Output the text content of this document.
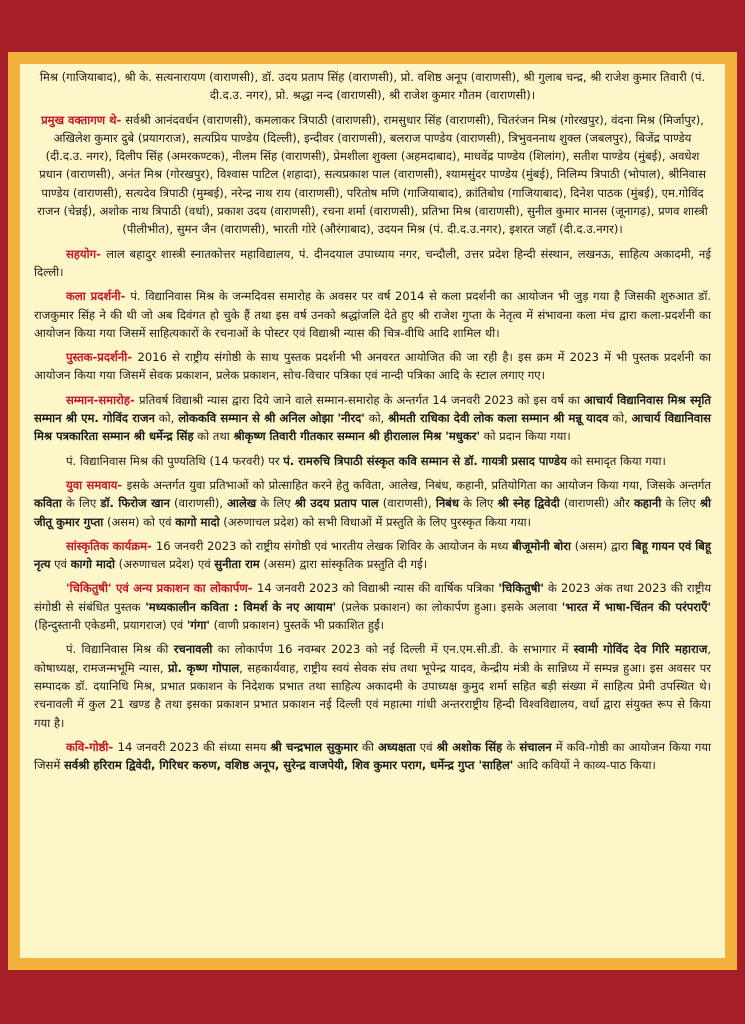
मिश्र (गाजियाबाद), श्री के. सत्यनारायण (वाराणसी), डॉ. उदय प्रताप सिंह (वाराणसी), प्रो. वशिष्ठ अनूप (वाराणसी), श्री गुलाब चन्द्र, श्री राजेश कुमार तिवारी (पं. दी.द.उ. नगर), प्रो. श्रद्धा नन्द (वाराणसी), श्री राजेश कुमार गौतम (वाराणसी)।

प्रमुख वक्तागण थे- सर्वश्री आनंदवर्धन (वाराणसी), कमलाकर त्रिपाठी (वाराणसी), रामसुधार सिंह (वाराणसी), चितरंजन मिश्र (गोरखपुर), वंदना मिश्र (मिर्जापुर), अखिलेश कुमार दुबे (प्रयागराज), सत्यप्रिय पाण्डेय (दिल्ली), इन्दीवर (वाराणसी), बलराज पाण्डेय (वाराणसी), त्रिभुवननाथ शुक्ल (जबलपुर), बिजेंद्र पाण्डेय (दी.द.उ. नगर), दिलीप सिंह (अमरकण्टक), नीलम सिंह (वाराणसी), प्रेमशीला शुक्ला (अहमदाबाद), माधवेंद्र पाण्डेय (शिलांग), सतीश पाण्डेय (मुंबई), अवधेश प्रधान (वाराणसी), अनंत मिश्र (गोरखपुर), विश्वास पाटिल (शहादा), सत्यप्रकाश पाल (वाराणसी), श्यामसुंदर पाण्डेय (मुंबई), निलिम्प त्रिपाठी (भोपाल), श्रीनिवास पाण्डेय (वाराणसी), सत्यदेव त्रिपाठी (मुम्बई), नरेन्द्र नाथ राय (वाराणसी), परितोष मणि (गाजियाबाद), क्रांतिबोध (गाजियाबाद), दिनेश पाठक (मुंबई), एम.गोविंद राजन (चेन्नई), अशोक नाथ त्रिपाठी (वर्धा), प्रकाश उदय (वाराणसी), रचना शर्मा (वाराणसी), प्रतिभा मिश्र (वाराणसी), सुनील कुमार मानस (जूनागढ़), प्रणव शास्त्री (पीलीभीत), सुमन जैन (वाराणसी), भारती गोरे (औरंगाबाद), उदयन मिश्र (पं. दी.द.उ.नगर), इशरत जहाँ (दी.द.उ.नगर)।

सहयोग- लाल बहादुर शास्त्री स्नातकोत्तर महाविद्यालय, पं. दीनदयाल उपाध्याय नगर, चन्दौली, उत्तर प्रदेश हिन्दी संस्थान, लखनऊ, साहित्य अकादमी, नई दिल्ली।

कला प्रदर्शनी- पं. विद्यानिवास मिश्र के जन्मदिवस समारोह के अवसर पर वर्ष 2014 से कला प्रदर्शनी का आयोजन भी जुड़ गया है जिसकी शुरुआत डॉ. राजकुमार सिंह ने की थी जो अब दिवंगत हो चुके हैं तथा इस वर्ष उनको श्रद्धांजलि देते हुए श्री राजेश गुप्ता के नेतृत्व में संभावना कला मंच द्वारा कला-प्रदर्शनी का आयोजन किया गया जिसमें साहित्यकारों के रचनाओं के पोस्टर एवं विद्याश्री न्यास की चित्र-वीथि आदि शामिल थी।

पुस्तक-प्रदर्शनी- 2016 से राष्ट्रीय संगोष्ठी के साथ पुस्तक प्रदर्शनी भी अनवरत आयोजित की जा रही है। इस क्रम में 2023 में भी पुस्तक प्रदर्शनी का आयोजन किया गया जिसमें सेवक प्रकाशन, प्रलेक प्रकाशन, सोच-विचार पत्रिका एवं नान्दी पत्रिका आदि के स्टाल लगाए गए।

सम्मान-समारोह- प्रतिवर्ष विद्याश्री न्यास द्वारा दिये जाने वाले सम्मान-समारोह के अन्तर्गत 14 जनवरी 2023 को इस वर्ष का आचार्य विद्यानिवास मिश्र स्मृति सम्मान श्री एम. गोविंद राजन को, लोककवि सम्मान से श्री अनिल ओझा 'नीरद' को, श्रीमती राधिका देवी लोक कला सम्मान श्री मन्नू यादव को, आचार्य विद्यानिवास मिश्र पत्रकारिता सम्मान श्री धर्मेन्द्र सिंह को तथा श्रीकृष्ण तिवारी गीतकार सम्मान श्री हीरालाल मिश्र 'मधुकर' को प्रदान किया गया।

पं. विद्यानिवास मिश्र की पुण्यतिथि (14 फरवरी) पर पं. रामरुचि त्रिपाठी संस्कृत कवि सम्मान से डॉ. गायत्री प्रसाद पाण्डेय को समादृत किया गया।

युवा समवाय- इसके अन्तर्गत युवा प्रतिभाओं को प्रोत्साहित करने हेतु कविता, आलेख, निबंध, कहानी, प्रतियोगिता का आयोजन किया गया, जिसके अन्तर्गत कविता के लिए डॉ. फिरोज खान (वाराणसी), आलेख के लिए श्री उदय प्रताप पाल (वाराणसी), निबंध के लिए श्री स्नेह द्विवेदी (वाराणसी) और कहानी के लिए श्री जीतू कुमार गुप्ता (असम) को एवं कागो मादो (अरुणाचल प्रदेश) को सभी विधाओं में प्रस्तुति के लिए पुरस्कृत किया गया।

सांस्कृतिक कार्यक्रम- 16 जनवरी 2023 को राष्ट्रीय संगोष्ठी एवं भारतीय लेखक शिविर के आयोजन के मध्य बीजूमोनी बोरा (असम) द्वारा बिहू गायन एवं बिहू नृत्य एवं कागो मादो (अरुणाचल प्रदेश) एवं सुनीता राम (असम) द्वारा सांस्कृतिक प्रस्तुति दी गई।

'चिकितुषी' एवं अन्य प्रकाशन का लोकार्पण- 14 जनवरी 2023 को विद्याश्री न्यास की वार्षिक पत्रिका 'चिकितुषी' के 2023 अंक तथा 2023 की राष्ट्रीय संगोष्ठी से संबंधित पुस्तक 'मध्यकालीन कविता : विमर्श के नए आयाम' (प्रलेक प्रकाशन) का लोकार्पण हुआ। इसके अलावा 'भारत में भाषा-चिंतन की परंपराएँ' (हिन्दुस्तानी एकेडमी, प्रयागराज) एवं 'गंगा' (वाणी प्रकाशन) पुस्तकें भी प्रकाशित हुईं।

पं. विद्यानिवास मिश्र की रचनावली का लोकार्पण 16 नवम्बर 2023 को नई दिल्ली में एन.एम.सी.डी. के सभागार में स्वामी गोविंद देव गिरि महाराज, कोषाध्यक्ष, रामजन्मभूमि न्यास, प्रो. कृष्ण गोपाल, सहकार्यवाह, राष्ट्रीय स्वयं सेवक संघ तथा भूपेन्द्र यादव, केन्द्रीय मंत्री के सान्निध्य में सम्पन्न हुआ। इस अवसर पर सम्पादक डॉ. दयानिधि मिश्र, प्रभात प्रकाशन के निदेशक प्रभात तथा साहित्य अकादमी के उपाध्यक्ष कुमुद शर्मा सहित बड़ी संख्या में साहित्य प्रेमी उपस्थित थे। रचनावली में कुल 21 खण्ड है तथा इसका प्रकाशन प्रभात प्रकाशन नई दिल्ली एवं महात्मा गांधी अन्तरराष्ट्रीय हिन्दी विश्वविद्यालय, वर्धा द्वारा संयुक्त रूप से किया गया है।

कवि-गोष्ठी- 14 जनवरी 2023 की संध्या समय श्री चन्द्रभाल सुकुमार की अध्यक्षता एवं श्री अशोक सिंह के संचालन में कवि-गोष्ठी का आयोजन किया गया जिसमें सर्वश्री हरिराम द्विवेदी, गिरिधर करुण, वशिष्ठ अनूप, सुरेन्द्र वाजपेयी, शिव कुमार पराग, धर्मेन्द्र गुप्त 'साहिल' आदि कवियों ने काव्य-पाठ किया।
